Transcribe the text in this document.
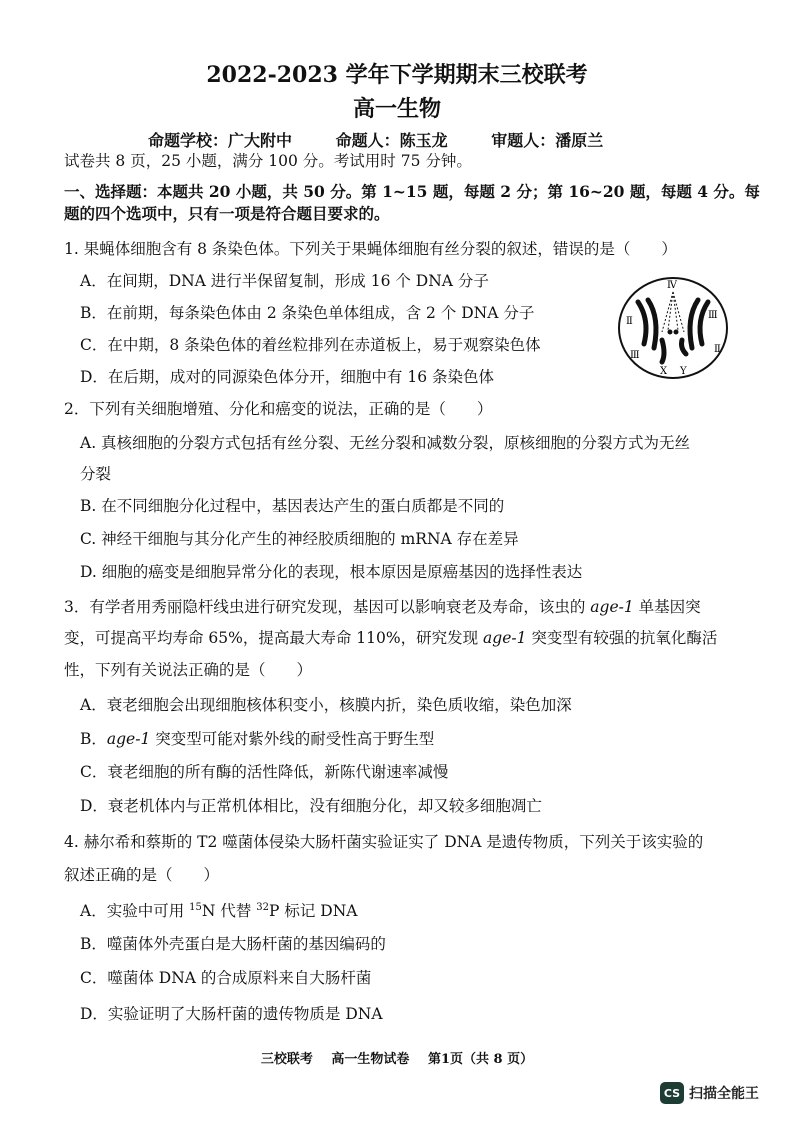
2022-2023 学年下学期期末三校联考
高一生物
命题学校：广大附中	命题人：陈玉龙	审题人：潘原兰
试卷共 8 页，25 小题，满分 100 分。考试用时 75 分钟。
一、选择题：本题共 20 小题，共 50 分。第 1~15 题，每题 2 分；第 16~20 题，每题 4 分。每
题的四个选项中，只有一项是符合题目要求的。
1. 果蝇体细胞含有 8 条染色体。下列关于果蝇体细胞有丝分裂的叙述，错误的是（　　）
A．在间期，DNA 进行半保留复制，形成 16 个 DNA 分子
B．在前期，每条染色体由 2 条染色单体组成，含 2 个 DNA 分子
C．在中期，8 条染色体的着丝粒排列在赤道板上，易于观察染色体
D．在后期，成对的同源染色体分开，细胞中有 16 条染色体
Ⅳ
Ⅱ
Ⅲ
Ⅲ
Ⅱ
X Y
2．下列有关细胞增殖、分化和癌变的说法，正确的是（　　）
A. 真核细胞的分裂方式包括有丝分裂、无丝分裂和减数分裂，原核细胞的分裂方式为无丝
分裂
B. 在不同细胞分化过程中，基因表达产生的蛋白质都是不同的
C. 神经干细胞与其分化产生的神经胶质细胞的 mRNA 存在差异
D. 细胞的癌变是细胞异常分化的表现，根本原因是原癌基因的选择性表达
3．有学者用秀丽隐杆线虫进行研究发现，基因可以影响衰老及寿命，该虫的 age-1 单基因突
变，可提高平均寿命 65%，提高最大寿命 110%，研究发现 age-1 突变型有较强的抗氧化酶活
性，下列有关说法正确的是（　　）
A．衰老细胞会出现细胞核体积变小，核膜内折，染色质收缩，染色加深
B．age-1 突变型可能对紫外线的耐受性高于野生型
C．衰老细胞的所有酶的活性降低，新陈代谢速率减慢
D．衰老机体内与正常机体相比，没有细胞分化，却又较多细胞凋亡
4. 赫尔希和蔡斯的 T2 噬菌体侵染大肠杆菌实验证实了 DNA 是遗传物质，下列关于该实验的
叙述正确的是（　　）
A．实验中可用 $^{15}$N 代替 $^{32}$P 标记 DNA
B．噬菌体外壳蛋白是大肠杆菌的基因编码的
C．噬菌体 DNA 的合成原料来自大肠杆菌
D．实验证明了大肠杆菌的遗传物质是 DNA
三校联考 高一生物试卷 第1页（共 8 页）
CS 扫描全能王
